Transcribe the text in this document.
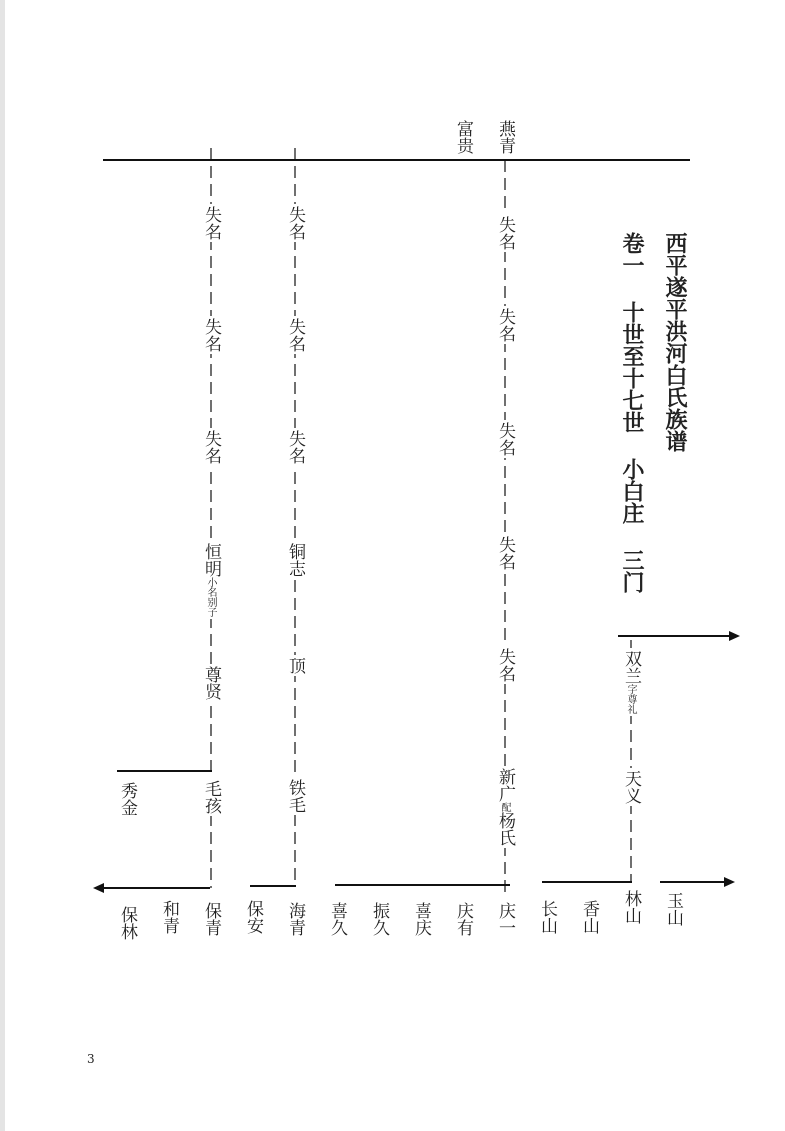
西平遂平洪河白氏族谱
卷一 十世至十七世 小白庄 三门
富贵 燕青
失名
失名
失名
恒明
小名别子
尊贤
毛孩
秀金
失名
失名
失名
铜志
顶
铁毛
失名
失名
失名
失名
失名
新广
配
杨氏
双兰
字尊礼
天义
保林 和青 保青 保安 海青 喜久 振久 喜庆 庆有 庆一 长山 香山 林山 玉山
3
